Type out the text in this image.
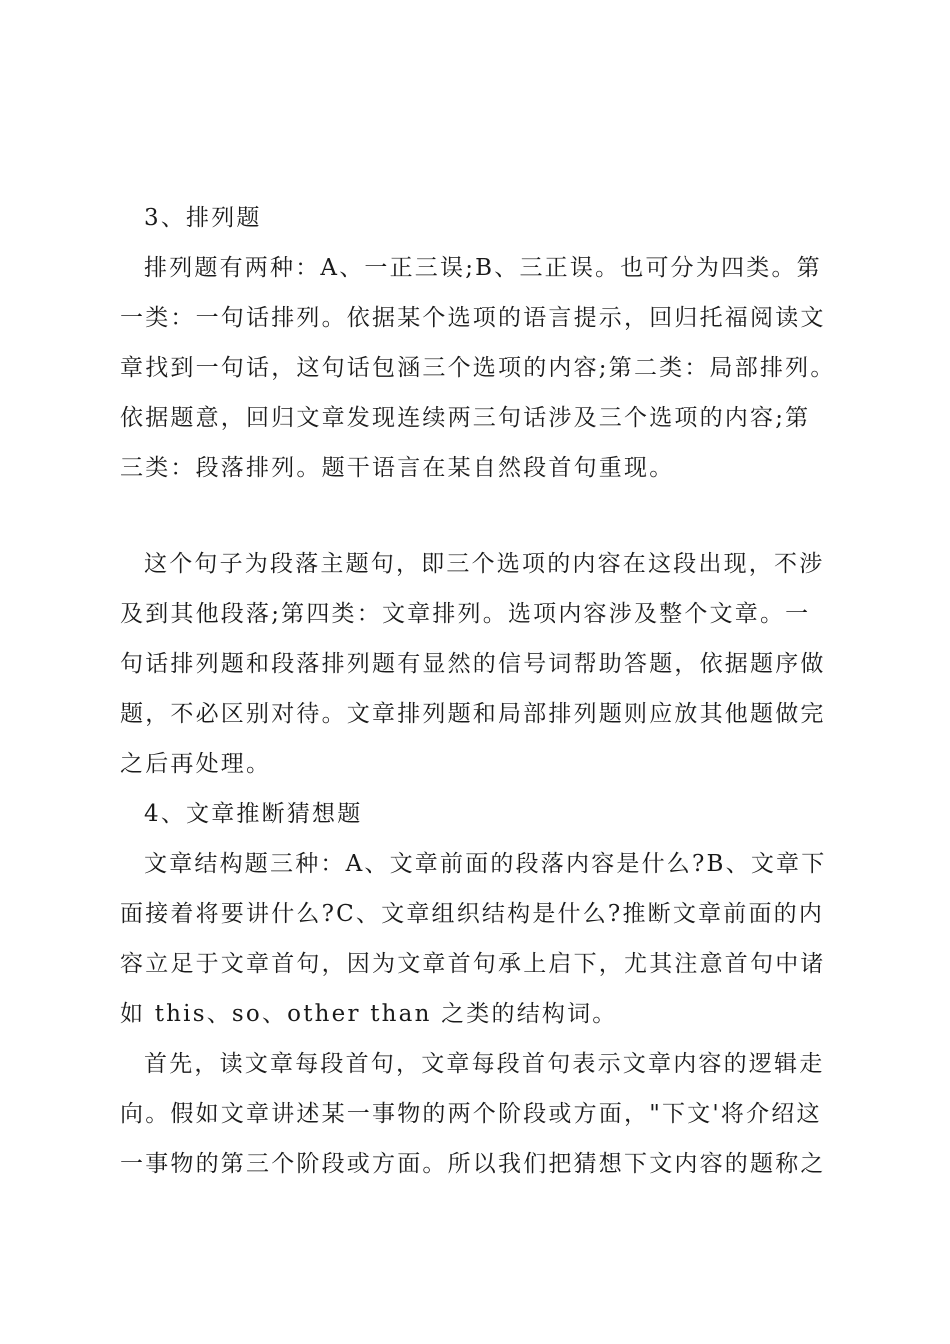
3、排列题

排列题有两种：A、一正三误;B、三正误。也可分为四类。第

一类：一句话排列。依据某个选项的语言提示，回归托福阅读文

章找到一句话，这句话包涵三个选项的内容;第二类：局部排列。

依据题意，回归文章发现连续两三句话涉及三个选项的内容;第

三类：段落排列。题干语言在某自然段首句重现。

这个句子为段落主题句，即三个选项的内容在这段出现，不涉

及到其他段落;第四类：文章排列。选项内容涉及整个文章。一

句话排列题和段落排列题有显然的信号词帮助答题，依据题序做

题，不必区别对待。文章排列题和局部排列题则应放其他题做完

之后再处理。

4、文章推断猜想题

文章结构题三种：A、文章前面的段落内容是什么?B、文章下

面接着将要讲什么?C、文章组织结构是什么?推断文章前面的内

容立足于文章首句，因为文章首句承上启下，尤其注意首句中诸

如 this、so、other than 之类的结构词。

首先，读文章每段首句，文章每段首句表示文章内容的逻辑走

向。假如文章讲述某一事物的两个阶段或方面，"下文'将介绍这

一事物的第三个阶段或方面。所以我们把猜想下文内容的题称之
